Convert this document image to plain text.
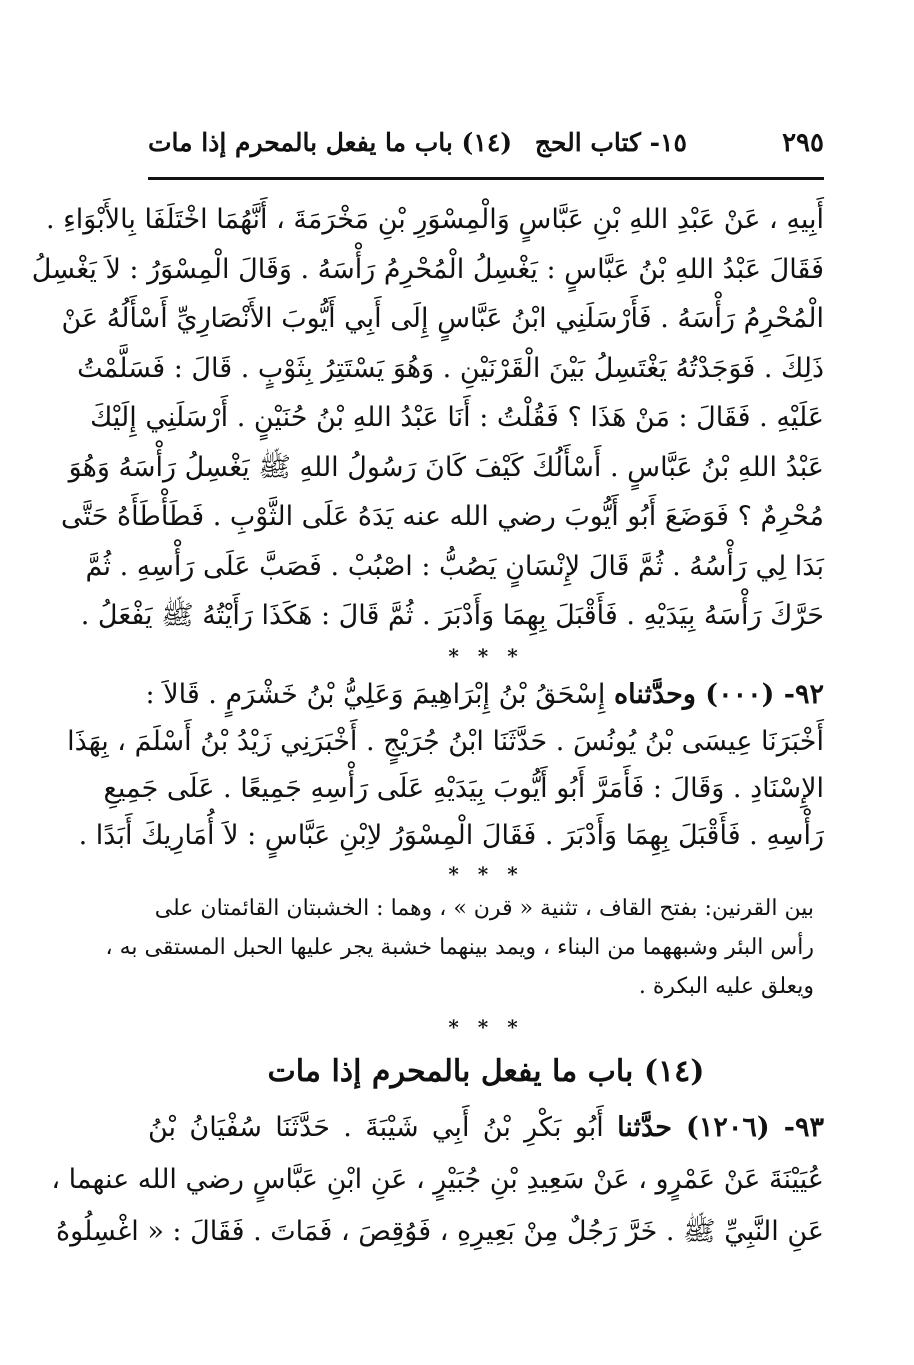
١٥- كتاب الحج (١٤) باب ما يفعل بالمحرم إذا مات	٢٩٥
أَبِيهِ ، عَنْ عَبْدِ اللهِ بْنِ عَبَّاسٍ وَالْمِسْوَرِ بْنِ مَخْرَمَةَ ، أَنَّهُمَا اخْتَلَفَا بِالأَبْوَاءِ .
فَقَالَ عَبْدُ اللهِ بْنُ عَبَّاسٍ : يَغْسِلُ الْمُحْرِمُ رَأْسَهُ . وَقَالَ الْمِسْوَرُ : لاَ يَغْسِلُ
الْمُحْرِمُ رَأْسَهُ . فَأَرْسَلَنِي ابْنُ عَبَّاسٍ إِلَى أَبِي أَيُّوبَ الأَنْصَارِيِّ أَسْأَلُهُ عَنْ
ذَلِكَ . فَوَجَدْتُهُ يَغْتَسِلُ بَيْنَ الْقَرْنَيْنِ . وَهُوَ يَسْتَتِرُ بِثَوْبٍ . قَالَ : فَسَلَّمْتُ
عَلَيْهِ . فَقَالَ : مَنْ هَذَا ؟ فَقُلْتُ : أَنَا عَبْدُ اللهِ بْنُ حُنَيْنٍ . أَرْسَلَنِي إِلَيْكَ
عَبْدُ اللهِ بْنُ عَبَّاسٍ . أَسْأَلُكَ كَيْفَ كَانَ رَسُولُ اللهِ ﷺ يَغْسِلُ رَأْسَهُ وَهُوَ
مُحْرِمٌ ؟ فَوَضَعَ أَبُو أَيُّوبَ رضي الله عنه يَدَهُ عَلَى الثَّوْبِ . فَطَأْطَأَهُ حَتَّى
بَدَا لِي رَأْسُهُ . ثُمَّ قَالَ لإِنْسَانٍ يَصُبُّ : اصْبُبْ . فَصَبَّ عَلَى رَأْسِهِ . ثُمَّ
حَرَّكَ رَأْسَهُ بِيَدَيْهِ . فَأَقْبَلَ بِهِمَا وَأَدْبَرَ . ثُمَّ قَالَ : هَكَذَا رَأَيْتُهُ ﷺ يَفْعَلُ .
* * *
٩٢- (٠٠٠) وحدَّثناه إِسْحَقُ بْنُ إِبْرَاهِيمَ وَعَلِيُّ بْنُ خَشْرَمٍ . قَالاَ :
أَخْبَرَنَا عِيسَى بْنُ يُونُسَ . حَدَّثَنَا ابْنُ جُرَيْجٍ . أَخْبَرَنِي زَيْدُ بْنُ أَسْلَمَ ، بِهَذَا
الإِسْنَادِ . وَقَالَ : فَأَمَرَّ أَبُو أَيُّوبَ بِيَدَيْهِ عَلَى رَأْسِهِ جَمِيعًا . عَلَى جَمِيعِ
رَأْسِهِ . فَأَقْبَلَ بِهِمَا وَأَدْبَرَ . فَقَالَ الْمِسْوَرُ لاِبْنِ عَبَّاسٍ : لاَ أُمَارِيكَ أَبَدًا .
* * *
بين القرنين: بفتح القاف ، تثنية « قرن » ، وهما : الخشبتان القائمتان على
رأس البئر وشبههما من البناء ، ويمد بينهما خشبة يجر عليها الحبل المستقى به ،
ويعلق عليه البكرة .
* * *
(١٤) باب ما يفعل بالمحرم إذا مات
٩٣- (١٢٠٦) حدَّثنا أَبُو بَكْرِ بْنُ أَبِي شَيْبَةَ . حَدَّثَنَا سُفْيَانُ بْنُ
عُيَيْنَةَ عَنْ عَمْرٍو ، عَنْ سَعِيدِ بْنِ جُبَيْرٍ ، عَنِ ابْنِ عَبَّاسٍ رضي الله عنهما ،
عَنِ النَّبِيِّ ﷺ . خَرَّ رَجُلٌ مِنْ بَعِيرِهِ ، فَوُقِصَ ، فَمَاتَ . فَقَالَ : « اغْسِلُوهُ
